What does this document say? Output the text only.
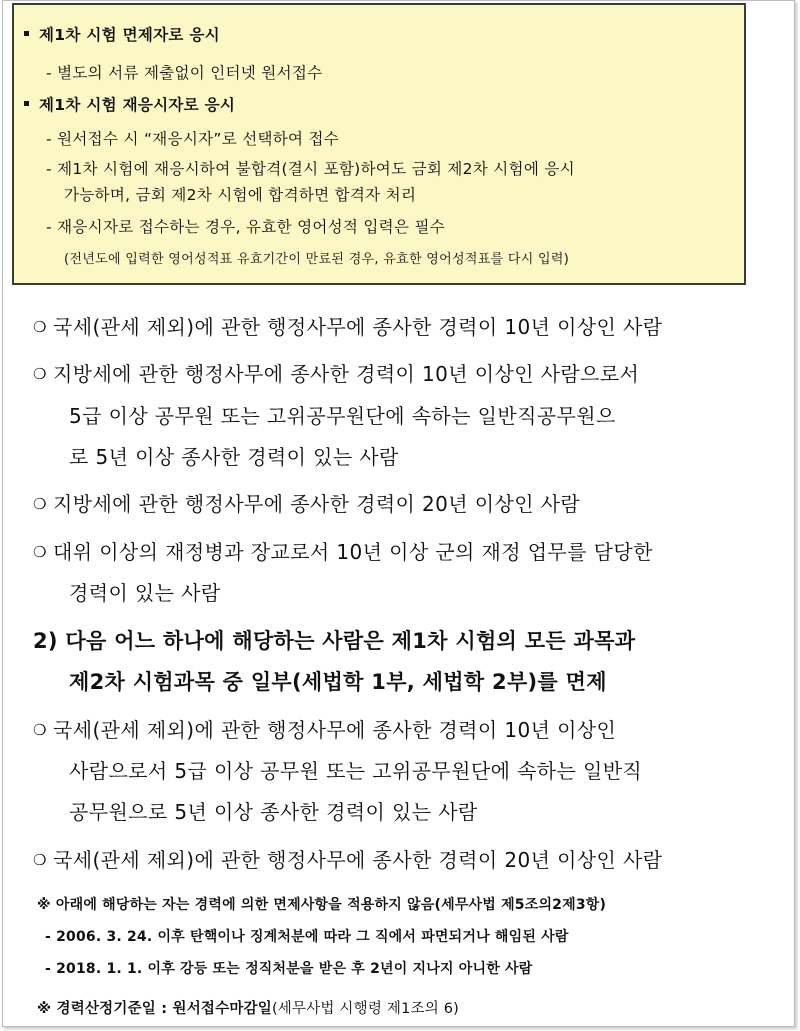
제1차 시험 면제자로 응시
- 별도의 서류 제출없이 인터넷 원서접수
제1차 시험 재응시자로 응시
- 원서접수 시 “재응시자”로 선택하여 접수
- 제1차 시험에 재응시하여 불합격(결시 포함)하여도 금회 제2차 시험에 응시
가능하며, 금회 제2차 시험에 합격하면 합격자 처리
- 재응시자로 접수하는 경우, 유효한 영어성적 입력은 필수
(전년도에 입력한 영어성적표 유효기간이 만료된 경우, 유효한 영어성적표를 다시 입력)
❍ 국세(관세 제외)에 관한 행정사무에 종사한 경력이 10년 이상인 사람
❍ 지방세에 관한 행정사무에 종사한 경력이 10년 이상인 사람으로서
5급 이상 공무원 또는 고위공무원단에 속하는 일반직공무원으
로 5년 이상 종사한 경력이 있는 사람
❍ 지방세에 관한 행정사무에 종사한 경력이 20년 이상인 사람
❍ 대위 이상의 재정병과 장교로서 10년 이상 군의 재정 업무를 담당한
경력이 있는 사람
2) 다음 어느 하나에 해당하는 사람은 제1차 시험의 모든 과목과
제2차 시험과목 중 일부(세법학 1부, 세법학 2부)를 면제
❍ 국세(관세 제외)에 관한 행정사무에 종사한 경력이 10년 이상인
사람으로서 5급 이상 공무원 또는 고위공무원단에 속하는 일반직
공무원으로 5년 이상 종사한 경력이 있는 사람
❍ 국세(관세 제외)에 관한 행정사무에 종사한 경력이 20년 이상인 사람
※ 아래에 해당하는 자는 경력에 의한 면제사항을 적용하지 않음(세무사법 제5조의2제3항)
- 2006. 3. 24. 이후 탄핵이나 징계처분에 따라 그 직에서 파면되거나 해임된 사람
- 2018. 1. 1. 이후 강등 또는 정직처분을 받은 후 2년이 지나지 아니한 사람
※ 경력산정기준일 : 원서접수마감일(세무사법 시행령 제1조의 6)
